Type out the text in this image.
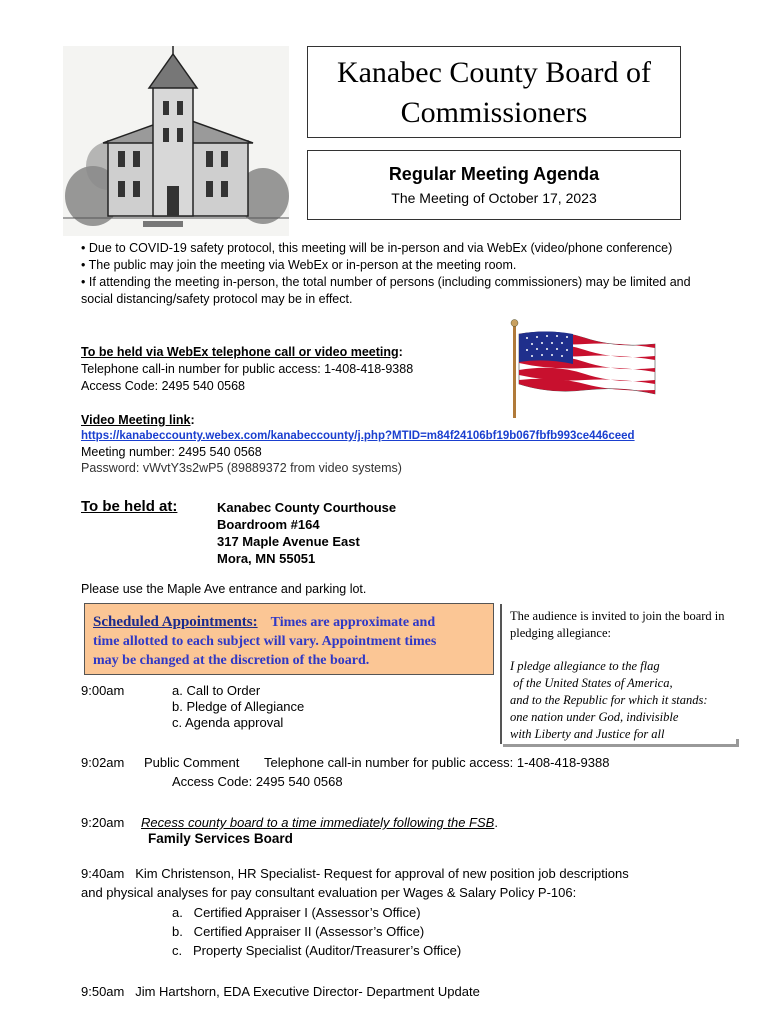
Kanabec County Board of
Commissioners
Regular Meeting Agenda
The Meeting of October 17, 2023
• Due to COVID-19 safety protocol, this meeting will be in-person and via WebEx (video/phone conference)
• The public may join the meeting via WebEx or in-person at the meeting room.
• If attending the meeting in-person, the total number of persons (including commissioners) may be limited and social distancing/safety protocol may be in effect.
To be held via WebEx telephone call or video meeting:
Telephone call-in number for public access: 1-408-418-9388
Access Code: 2495 540 0568
Video Meeting link:
https://kanabeccounty.webex.com/kanabeccounty/j.php?MTID=m84f24106bf19b067fbfb993ce446ceed
Meeting number: 2495 540 0568
Password: vWvtY3s2wP5 (89889372 from video systems)
To be held at:	Kanabec County Courthouse
Boardroom #164
317 Maple Avenue East
Mora, MN 55051
Please use the Maple Ave entrance and parking lot.
Scheduled Appointments: Times are approximate and
time allotted to each subject will vary. Appointment times
may be changed at the discretion of the board.
The audience is invited to join the board in pledging allegiance:
I pledge allegiance to the flag
of the United States of America,
and to the Republic for which it stands:
one nation under God, indivisible
with Liberty and Justice for all
9:00am	a. Call to Order
b. Pledge of Allegiance
c. Agenda approval
9:02am Public Comment Telephone call-in number for public access: 1-408-418-9388
Access Code: 2495 540 0568
9:20am Recess county board to a time immediately following the FSB.
Family Services Board
9:40am   Kim Christenson, HR Specialist- Request for approval of new position job descriptions
and physical analyses for pay consultant evaluation per Wages & Salary Policy P-106:
a.   Certified Appraiser I (Assessor’s Office)
b.   Certified Appraiser II (Assessor’s Office)
c.   Property Specialist (Auditor/Treasurer’s Office)
9:50am   Jim Hartshorn, EDA Executive Director- Department Update
